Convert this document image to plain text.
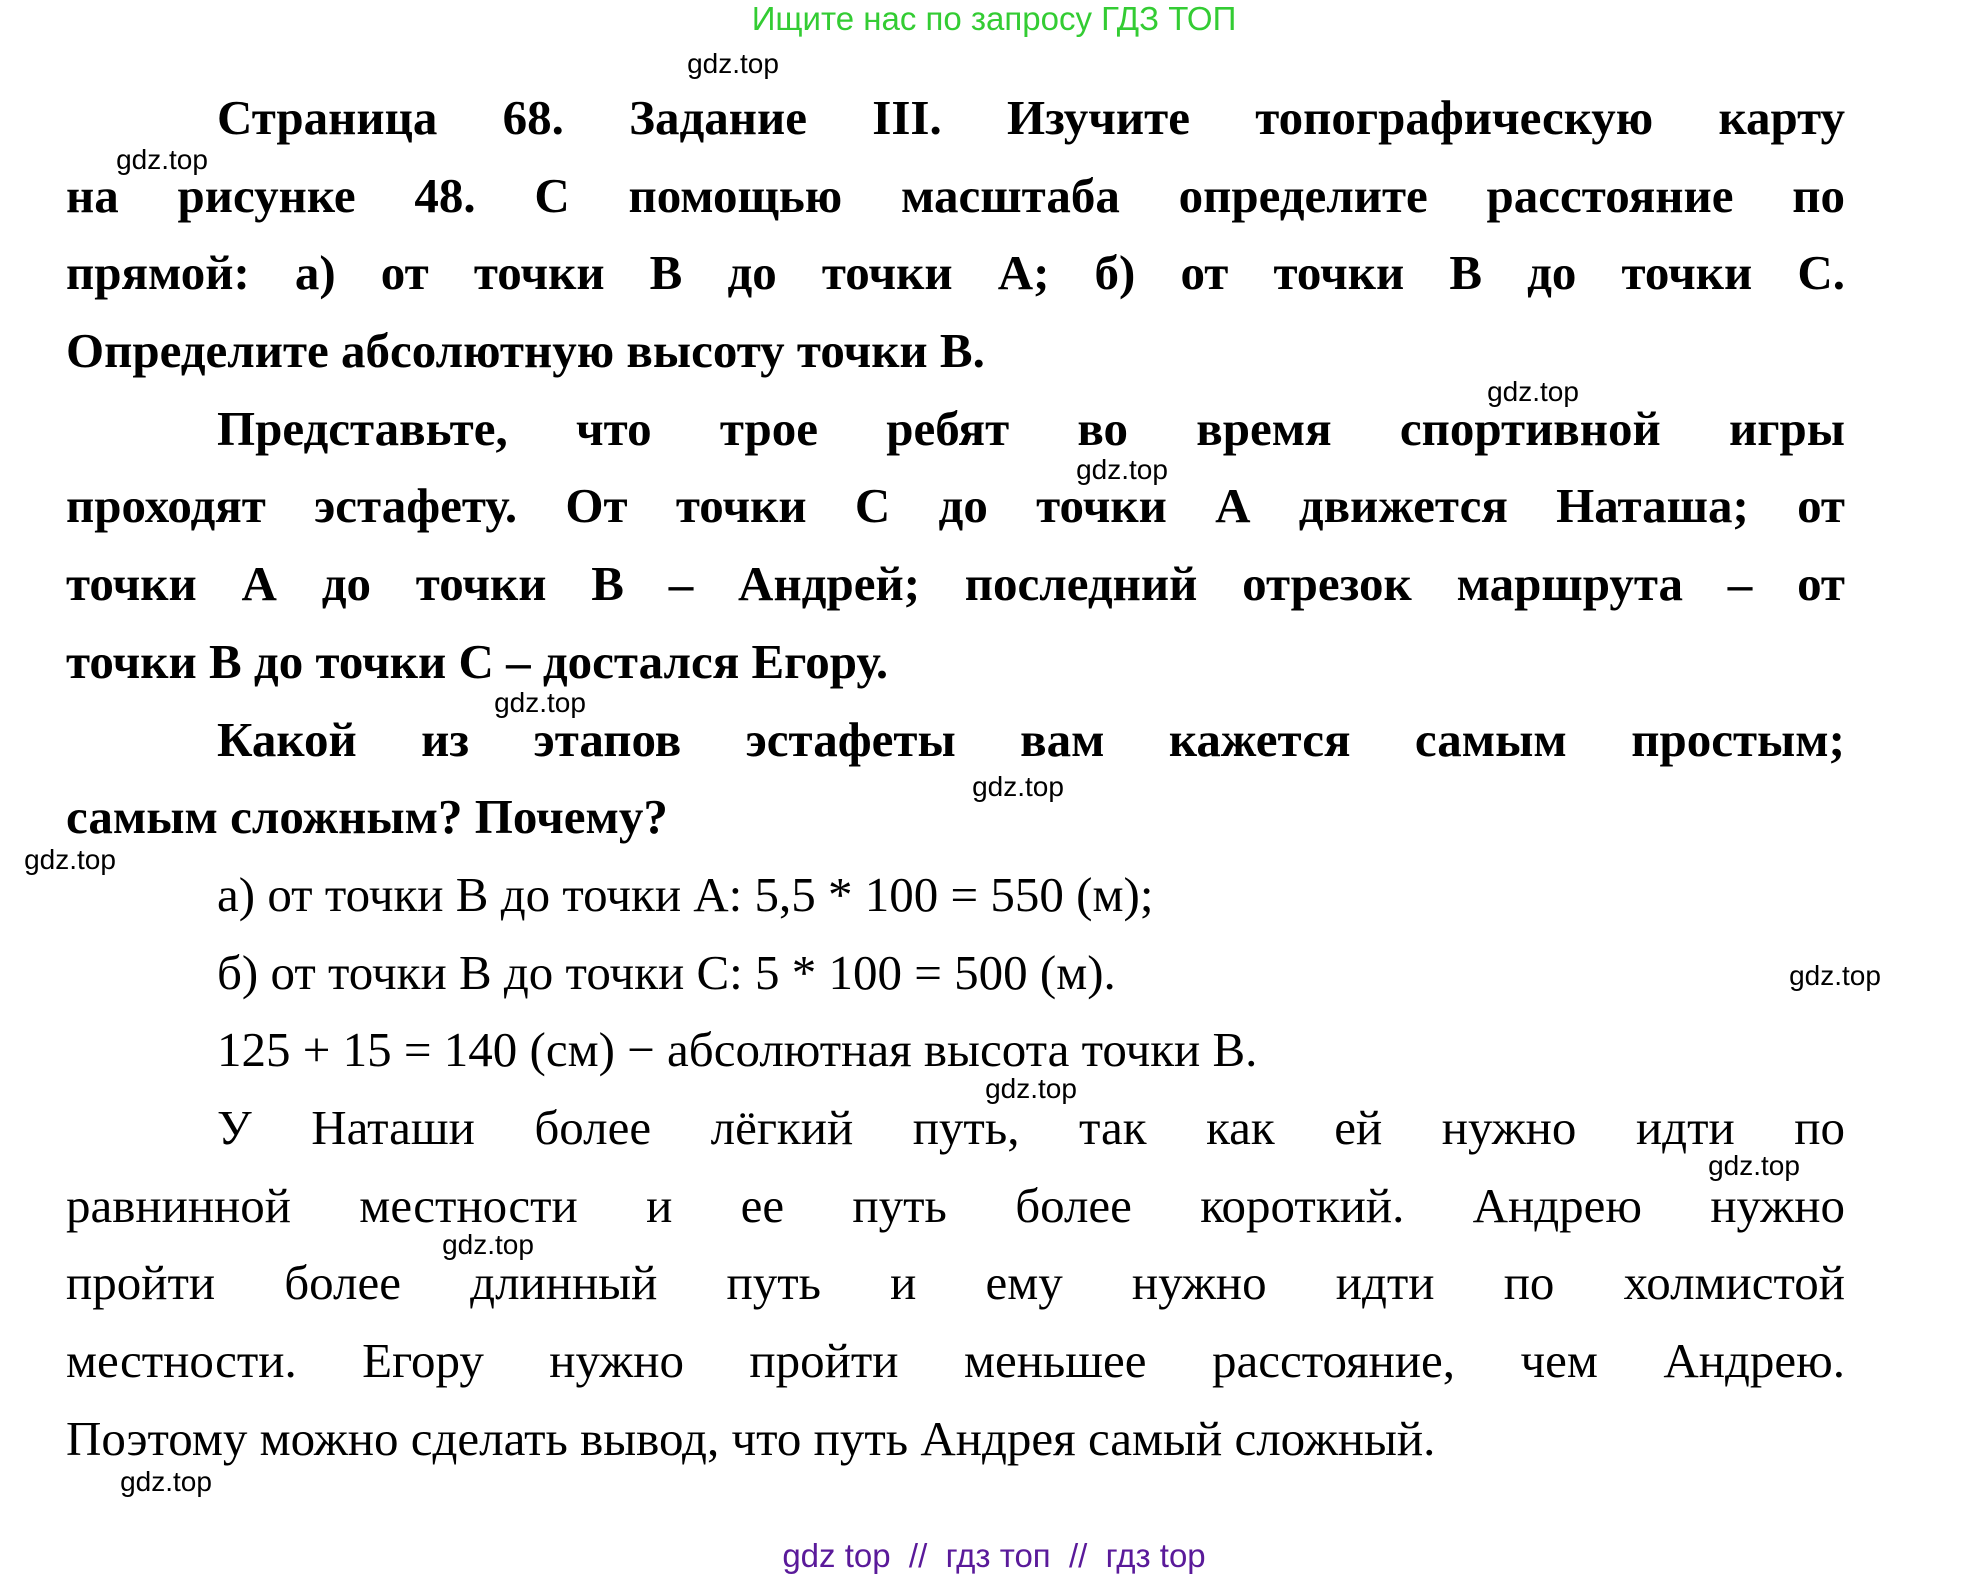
Ищите нас по запросу ГДЗ ТОП
Страница 68. Задание III. Изучите топографическую карту
на рисунке 48. С помощью масштаба определите расстояние по
прямой: а) от точки В до точки А; б) от точки В до точки С.
Определите абсолютную высоту точки В.
Представьте, что трое ребят во время спортивной игры
проходят эстафету. От точки С до точки А движется Наташа; от
точки А до точки В – Андрей; последний отрезок маршрута – от
точки В до точки С – достался Егору.
Какой из этапов эстафеты вам кажется самым простым;
самым сложным? Почему?
а) от точки В до точки А: 5,5 * 100 = 550 (м);
б) от точки В до точки С: 5 * 100 = 500 (м).
125 + 15 = 140 (см) − абсолютная высота точки В.
У Наташи более лёгкий путь, так как ей нужно идти по
равнинной местности и ее путь более короткий. Андрею нужно
пройти более длинный путь и ему нужно идти по холмистой
местности. Егору нужно пройти меньшее расстояние, чем Андрею.
Поэтому можно сделать вывод, что путь Андрея самый сложный.
gdz.top
gdz.top
gdz.top
gdz.top
gdz.top
gdz.top
gdz.top
gdz.top
gdz.top
gdz.top
gdz.top
gdz.top
gdz top  //  гдз топ  //  гдз top
